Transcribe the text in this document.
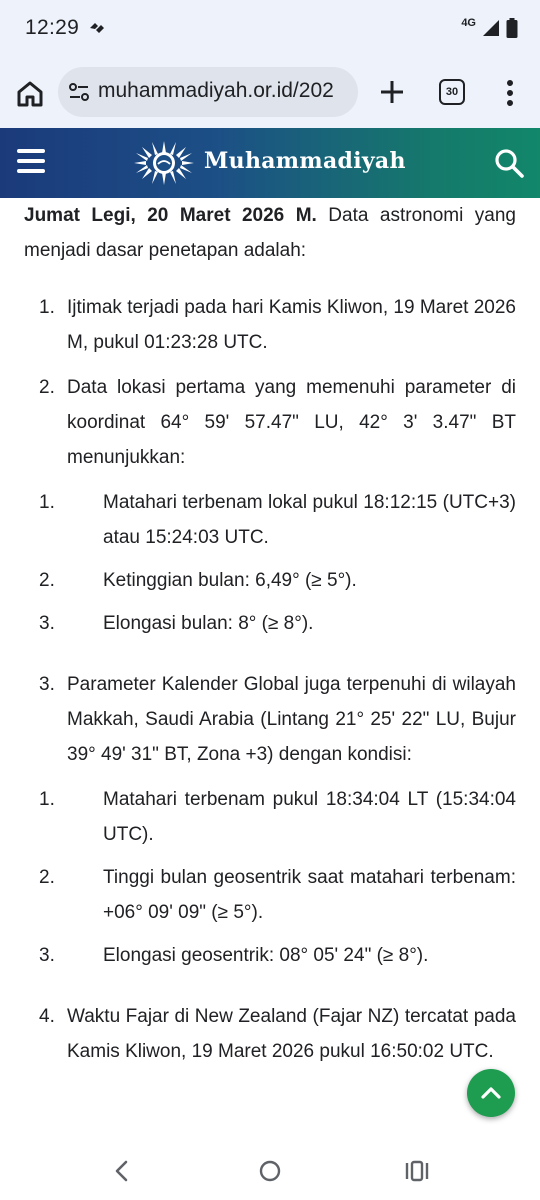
12:29	4G
muhammadiyah.or.id/202	30
Muhammadiyah

Jumat Legi, 20 Maret 2026 M. Data astronomi yang menjadi dasar penetapan adalah:

1. Ijtimak terjadi pada hari Kamis Kliwon, 19 Maret 2026 M, pukul 01:23:28 UTC.
2. Data lokasi pertama yang memenuhi parameter di koordinat 64° 59' 57.47" LU, 42° 3' 3.47" BT menunjukkan:
1.	Matahari terbenam lokal pukul 18:12:15 (UTC+3) atau 15:24:03 UTC.
2.	Ketinggian bulan: 6,49° (≥ 5°).
3.	Elongasi bulan: 8° (≥ 8°).
3. Parameter Kalender Global juga terpenuhi di wilayah Makkah, Saudi Arabia (Lintang 21° 25' 22" LU, Bujur 39° 49' 31" BT, Zona +3) dengan kondisi:
1.	Matahari terbenam pukul 18:34:04 LT (15:34:04 UTC).
2.	Tinggi bulan geosentrik saat matahari terbenam: +06° 09' 09" (≥ 5°).
3.	Elongasi geosentrik: 08° 05' 24" (≥ 8°).
4. Waktu Fajar di New Zealand (Fajar NZ) tercatat pada Kamis Kliwon, 19 Maret 2026 pukul 16:50:02 UTC.
